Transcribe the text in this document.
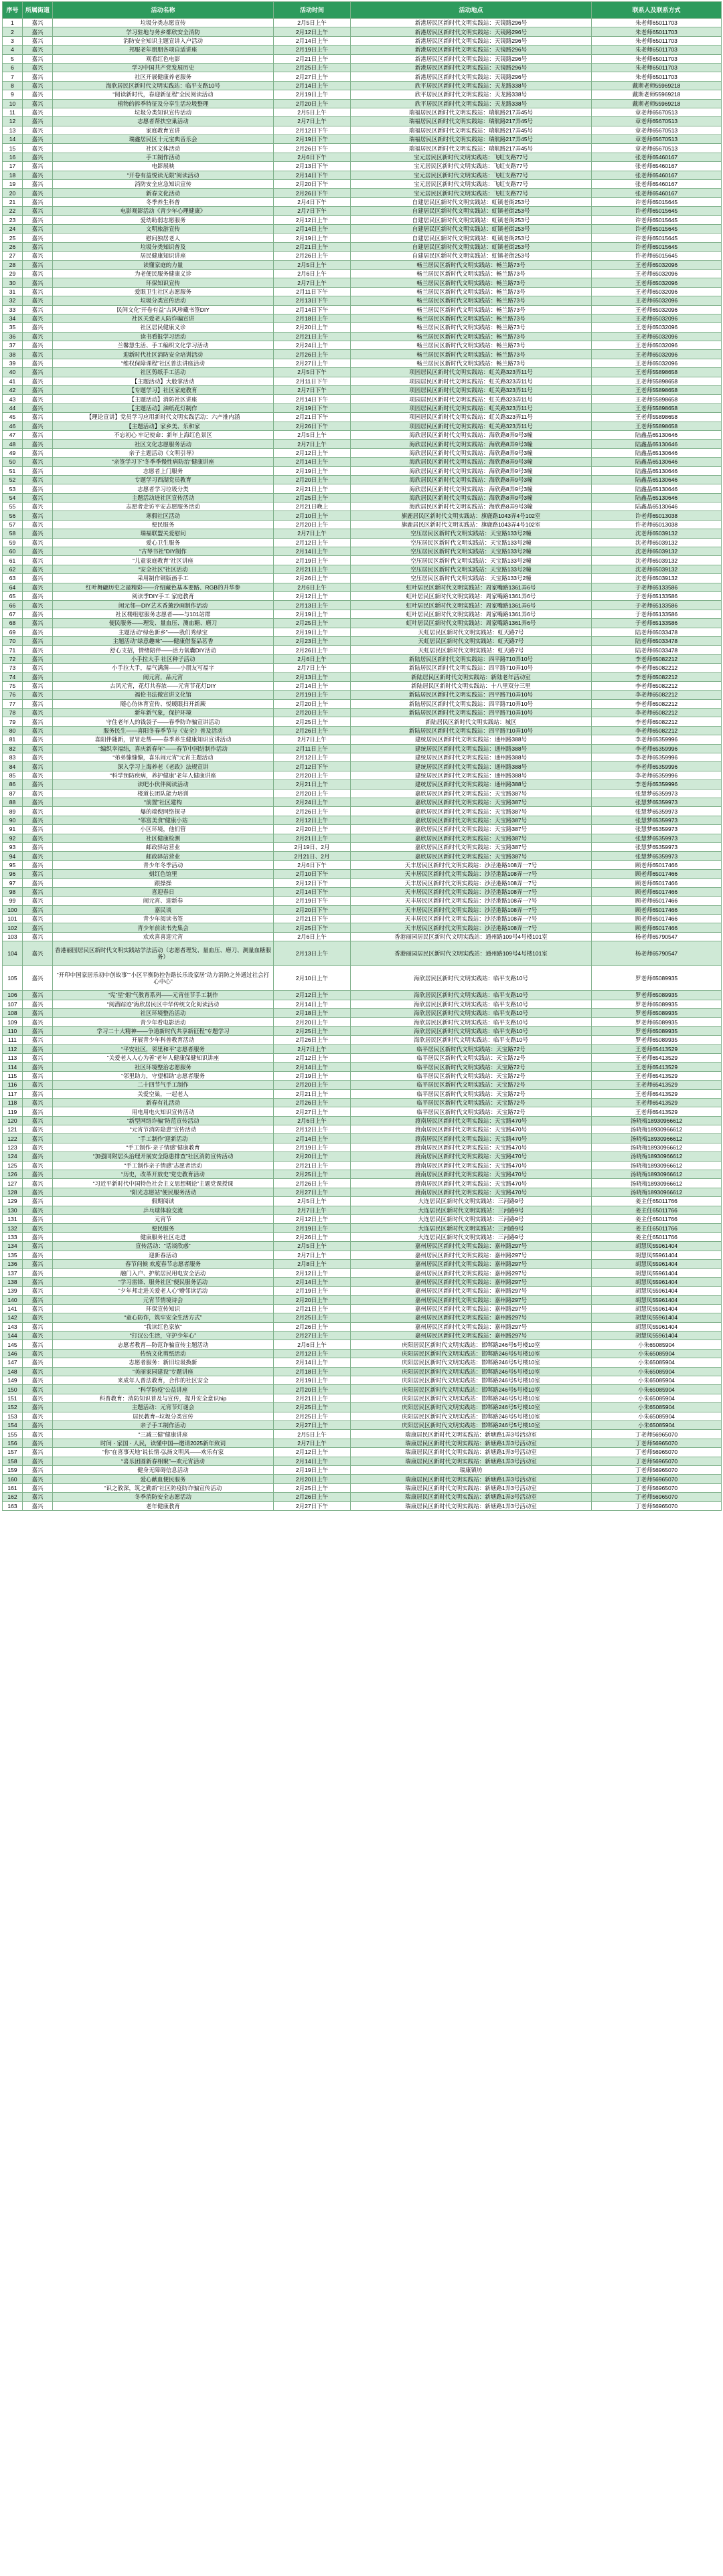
序号	所属街道	活动名称	活动时间	活动地点	联系人及联系方式
1	嘉兴	垃圾分类志愿宣传	2月5日上午	新港居民区新时代文明实践站：天镜路296号	朱老师65011703
2	嘉兴	学习驻地与务乡都欣安全消防	2月12日上午	新港居民区新时代文明实践站：天镜路296号	朱老师65011703
3	嘉兴	消防安全知识主题宣讲入户活动	2月14日上午	新港居民区新时代文明实践站：天镜路296号	朱老师65011703
4	嘉兴	邦服老年朋朋各项自适讲座	2月19日上午	新港居民区新时代文明实践站：天镜路296号	朱老师65011703
5	嘉兴	观看红色电影	2月21日上午	新港居民区新时代文明实践站：天镜路296号	朱老师65011703
6	嘉兴	学习中国共产党发展历史	2月25日上午	新港居民区新时代文明实践站：天镜路296号	朱老师65011703
7	嘉兴	社区开展健康养老服务	2月27日上午	新港居民区新时代文明实践站：天镜路296号	朱老师65011703
8	嘉兴	海欣居民区新时代文明实践站：临平支路10号	2月14日上午	欣平居民区新时代文明实践站：天龙路338号	戴斯老师55969218
9	嘉兴	“阅读新时代，春迎新征程”全民阅读活动	2月19日上午	欣平居民区新时代文明实践站：天龙路338号	戴斯老师55969218
10	嘉兴	植物的拆季特征及分享生活垃圾整理	2月20日上午	欣平居民区新时代文明实践站：天龙路338号	戴斯老师55969218
11	嘉兴	垃圾分类知识宣传活动	2月5日上午	瑞福居民区新时代文明实践站：瑞航路217弄45号	章老师65670513
12	嘉兴	志愿者帮扶空巢活动	2月7日上午	瑞福居民区新时代文明实践站：瑞航路217弄45号	章老师65670513
13	嘉兴	家庭教育宣讲	2月12日下午	瑞福居民区新时代文明实践站：瑞航路217弄45号	章老师65670513
14	嘉兴	瑞鑫居民区十元宝典音乐会	2月19日下午	瑞福居民区新时代文明实践站：瑞航路217弄45号	章老师65670513
15	嘉兴	社区文体活动	2月26日下午	瑞福居民区新时代文明实践站：瑞航路217弄45号	章老师65670513
16	嘉兴	手工制作活动	2月6日下午	宝元居民区新时代文明实践站：飞虹支路77号	张老师65460167
17	嘉兴	电影展映	2月13日下午	宝元居民区新时代文明实践站：飞虹支路77号	张老师65460167
18	嘉兴	“开卷有益悦读无限”阅读活动	2月14日下午	宝元居民区新时代文明实践站：飞虹支路77号	张老师65460167
19	嘉兴	消防安全应急知识宣传	2月20日下午	宝元居民区新时代文明实践站：飞虹支路77号	张老师65460167
20	嘉兴	新春文化活动	2月26日下午	宝元居民区新时代文明实践站：飞虹支路77号	张老师65460167
21	嘉兴	冬季养生科普	2月4日下午	自建居民区新时代文明实践站：虹镇老街253号	许老师65015645
22	嘉兴	电影观影活动《青少年心理健康》	2月7日下午	自建居民区新时代文明实践站：虹镇老街253号	许老师65015645
23	嘉兴	爱幼助弱志愿服务	2月12日上午	自建居民区新时代文明实践站：虹镇老街253号	许老师65015645
24	嘉兴	文明旅游宣传	2月14日上午	自建居民区新时代文明实践站：虹镇老街253号	许老师65015645
25	嘉兴	慰问独居老人	2月19日上午	自建居民区新时代文明实践站：虹镇老街253号	许老师65015645
26	嘉兴	垃圾分类知识普及	2月21日上午	自建居民区新时代文明实践站：虹镇老街253号	许老师65015645
27	嘉兴	居民健康知识讲座	2月26日上午	自建居民区新时代文明实践站：虹镇老街253号	许老师65015645
28	嘉兴	读懂家庭的力量	2月5日上午	畅兰居民区新时代文明实践站：畅兰路73号	王老师65032096
29	嘉兴	为老便民服务健康义诊	2月6日上午	畅兰居民区新时代文明实践站：畅兰路73号	王老师65032096
30	嘉兴	环保知识宣传	2月7日上午	畅兰居民区新时代文明实践站：畅兰路73号	王老师65032096
31	嘉兴	爱眼卫生社区志愿服务	2月11日下午	畅兰居民区新时代文明实践站：畅兰路73号	王老师65032096
32	嘉兴	垃圾分类宣传活动	2月13日下午	畅兰居民区新时代文明实践站：畅兰路73号	王老师65032096
33	嘉兴	民间文化“开卷有益”古风珍藏书签DIY	2月14日下午	畅兰居民区新时代文明实践站：畅兰路73号	王老师65032096
34	嘉兴	社区关爱老人防诈骗宣讲	2月18日上午	畅兰居民区新时代文明实践站：畅兰路73号	王老师65032096
35	嘉兴	社区居民健康义诊	2月20日上午	畅兰居民区新时代文明实践站：畅兰路73号	王老师65032096
36	嘉兴	读书看报学习活动	2月21日上午	畅兰居民区新时代文明实践站：畅兰路73号	王老师65032096
37	嘉兴	兰馨慧生活、手工编织文化学习活动	2月24日上午	畅兰居民区新时代文明实践站：畅兰路73号	王老师65032096
38	嘉兴	迎新时代社区消防安全培训活动	2月26日上午	畅兰居民区新时代文明实践站：畅兰路73号	王老师65032096
39	嘉兴	“维权保障课程”社区普法讲座活动	2月27日上午	畅兰居民区新时代文明实践站：畅兰路73号	王老师65032096
40	嘉兴	社区剪纸手工活动	2月5日下午	项园居民区新时代文明实践站：虹关路323弄11号	王老师55898658
41	嘉兴	【主题活动】大般掌活动	2月11日下午	项园居民区新时代文明实践站：虹关路323弄11号	王老师55898658
42	嘉兴	【专题学习】社区家庭教育	2月7日下午	项园居民区新时代文明实践站：虹关路323弄11号	王老师55898658
43	嘉兴	【主题活动】消防社区讲座	2月14日下午	项园居民区新时代文明实践站：虹关路323弄11号	王老师55898658
44	嘉兴	【主题活动】油纸花灯制作	2月19日下午	项园居民区新时代文明实践站：虹关路323弄11号	王老师55898658
45	嘉兴	【理论宣讲】党员学习应用新时代文明实践活动：六产推内涵	2月21日下午	项园居民区新时代文明实践站：虹关路323弄11号	王老师55898658
46	嘉兴	【主题活动】家乡美、乐和家	2月26日下午	项园居民区新时代文明实践站：虹关路323弄11号	王老师55898658
47	嘉兴	不忘初心 牢记使命：新年上海红色景区	2月5日上午	海欣居民区新时代文明实践站：海欣路8弄9号3幢	陆鑫晶65130646
48	嘉兴	社区文化志愿服务活动	2月7日上午	海欣居民区新时代文明实践站：海欣路8弄9号3幢	陆鑫晶65130646
49	嘉兴	亲子主题活动《文明引导》	2月12日上午	海欣居民区新时代文明实践站：海欣路8弄9号3幢	陆鑫晶65130646
50	嘉兴	“亲签学习下“冬季季慢性病防治”健康讲座	2月14日上午	海欣居民区新时代文明实践站：海欣路8弄9号3幢	陆鑫晶65130646
51	嘉兴	志愿者上门服务	2月19日上午	海欣居民区新时代文明实践站：海欣路8弄9号3幢	陆鑫晶65130646
52	嘉兴	专题学习西湖党员教育	2月20日上午	海欣居民区新时代文明实践站：海欣路8弄9号3幢	陆鑫晶65130646
53	嘉兴	志愿者学习垃圾分类	2月21日上午	海欣居民区新时代文明实践站：海欣路8弄9号3幢	陆鑫晶65130646
54	嘉兴	主题活动进社区宣传活动	2月25日上午	海欣居民区新时代文明实践站：海欣路8弄9号3幢	陆鑫晶65130646
55	嘉兴	志愿者走访平安志愿服务活动	2月21日晚上	海欣居民区新时代文明实践站：海欣路8弄9号3幢	陆鑫晶65130646
56	嘉兴	寒假社区活动	2月10日上午	旗鹿居民区新时代文明实践站：旗鹿路1043弄4号102室	许老师65013038
57	嘉兴	便民服务	2月20日上午	旗鹿居民区新时代文明实践站：旗鹿路1043弄4号102室	许老师65013038
58	嘉兴	瑞福联盟关爱慰问	2月7日上午	空压居民区新时代文明实践站：天宝路133号2幢	沈老师65039132
59	嘉兴	爱心卫生服务	2月12日上午	空压居民区新时代文明实践站：天宝路133号2幢	沈老师65039132
60	嘉兴	“古琴书社”DIY制作	2月14日上午	空压居民区新时代文明实践站：天宝路133号2幢	沈老师65039132
61	嘉兴	“儿童家庭教育”社区讲座	2月19日上午	空压居民区新时代文明实践站：天宝路133号2幢	沈老师65039132
62	嘉兴	“安全社区”社区活动	2月21日上午	空压居民区新时代文明实践站：天宝路133号2幢	沈老师65039132
63	嘉兴	采用制作铜版画手工	2月26日上午	空压居民区新时代文明实践站：天宝路133号2幢	沈老师65039132
64	嘉兴	红叶舞翩历史之最精彩——介绍藏色基本要路、RGB的升华参	2月6日上午	虹叶居民区新时代文明实践站：周家嘴路1361弄6号	于老师65133586
65	嘉兴	阅读季DIY手工 家庭教育	2月12日上午	虹叶居民区新时代文明实践站：周家嘴路1361弄6号	于老师65133586
66	嘉兴	闲元邻—DIY艺术香薰沙画制作活动	2月13日上午	虹叶居民区新时代文明实践站：周家嘴路1361弄6号	于老师65133586
67	嘉兴	社区楼组慰服务志愿者——与101站群	2月19日上午	虹叶居民区新时代文明实践站：周家嘴路1361弄6号	于老师65133586
68	嘉兴	便民服务——理发、量血压、测血糖、磨刀	2月25日上午	虹叶居民区新时代文明实践站：周家嘴路1361弄6号	于老师65133586
69	嘉兴	主题活动“绿色新乡”——我们秀绿宝	2月19日上午	天虹居民区新时代文明实践站：虹天路7号	陆老师65033478
70	嘉兴	主题活动“绿意趣味”——健康借鉴品茗香	2月23日上午	天虹居民区新时代文明实践站：虹天路7号	陆老师65033478
71	嘉兴	舒心支招，情绪陪伴——活力氧囊DIY活动	2月26日上午	天虹居民区新时代文明实践站：虹天路7号	陆老师65033478
72	嘉兴	小手拉大手 社区种子活动	2月6日上午	新陆居民区新时代文明实践站：四平路710弄10号	李老师65082212
73	嘉兴	小手拉大手，福气满满——小朋友写福字	2月7日上午	新陆居民区新时代文明实践站：四平路710弄10号	李老师65082212
74	嘉兴	闹元宵，品元宵	2月13日上午	新陆居民区新时代文明实践站：新陆老年活动室	李老师65082212
75	嘉兴	古风元宵，花灯共春浓——元宵节花灯DIY	2月14日上午	新陆居民区新时代文明实践站：十八里双分三里	李老师65082212
76	嘉兴	福伦书法微宣讲文化馆	2月19日上午	新陆居民区新时代文明实践站：四平路710弄10号	李老师65082212
77	嘉兴	随心仿体育宣传、悦暖眼扫开新蕨	2月20日上午	新陆居民区新时代文明实践站：四平路710弄10号	李老师65082212
78	嘉兴	新年新气象，保护环境	2月20日上午	新陆居民区新时代文明实践站：四平路710弄10号	李老师65082212
79	嘉兴	守住老年人的钱袋子——春季防诈骗宣讲活动	2月25日上午	新陆居民区新时代文明实践站：城区	李老师65082212
80	嘉兴	服务民生——喜阳冬春季节与《安全》普及活动	2月26日上午	新陆居民区新时代文明实践站：四平路710弄10号	李老师65082212
81	嘉兴	喜阳伴随新，冒冒走帮——春季养生健康知识宣讲活动	2月7日上午	建统居民区新时代文明实践站：通州路388号	李老师65359996
82	嘉兴	“编织幸福结，喜庆新春年”——春节中国结制作活动	2月11日上午	建统居民区新时代文明实践站：通州路388号	李老师65359996
83	嘉兴	“弟弟慷慷慷，喜乐闹元宵”元宵主题活动	2月12日上午	建统居民区新时代文明实践站：通州路388号	李老师65359996
84	嘉兴	深入学习上海养老《老政》法规宣讲	2月12日下午	建统居民区新时代文明实践站：通州路388号	李老师65359996
85	嘉兴	“科学预防疾病，养护健康”老年人健康讲座	2月20日上午	建统居民区新时代文明实践站：通州路388号	李老师65359996
86	嘉兴	读吧小伙伴阅读活动	2月21日上午	建统居民区新时代文明实践站：通州路388号	李老师65359996
87	嘉兴	楼道长团队能力培训	2月20日上午	嘉欣居民区新时代文明实践站：天宝路387号	张慧梦65359973
88	嘉兴	“前置”社区建构	2月24日上午	嘉欣居民区新时代文明实践站：天宝路387号	张慧梦65359973
89	嘉兴	爆的端倪网络探寻	2月26日上午	嘉欣居民区新时代文明实践站：天宝路387号	张慧梦65359973
90	嘉兴	“邻富美食”健康小站	2月12日上午	嘉欣居民区新时代文明实践站：天宝路387号	张慧梦65359973
91	嘉兴	小区环境，他们管	2月20日上午	嘉欣居民区新时代文明实践站：天宝路387号	张慧梦65359973
92	嘉兴	社区健康检测	2月21日上午	嘉欣居民区新时代文明实践站：天宝路387号	张慧梦65359973
93	嘉兴	邮政驿站营业	2月19日、2月	嘉欣居民区新时代文明实践站：天宝路387号	张慧梦65359973
94	嘉兴	邮政驿站营业	2月21日、2月	嘉欣居民区新时代文明实践站：天宝路387号	张慧梦65359973
95	嘉兴	青少年冬季活动	2月6日下午	天丰居民区新时代文明实践站：沙泾港路108弄一7号	顾老师65017466
96	嘉兴	刻红色馆里	2月10日下午	天丰居民区新时代文明实践站：沙泾港路108弄一7号	顾老师65017466
97	嘉兴	跟操操	2月12日下午	天丰居民区新时代文明实践站：沙泾港路108弄一7号	顾老师65017466
98	嘉兴	喜迎春日	2月14日下午	天丰居民区新时代文明实践站：沙泾港路108弄一7号	顾老师65017466
99	嘉兴	闹元宵、迎新春	2月19日下午	天丰居民区新时代文明实践站：沙泾港路108弄一7号	顾老师65017466
100	嘉兴	嘉民谈	2月20日下午	天丰居民区新时代文明实践站：沙泾港路108弄一7号	顾老师65017466
101	嘉兴	青少年阅读书签	2月21日下午	天丰居民区新时代文明实践站：沙泾港路108弄一7号	顾老师65017466
102	嘉兴	青少年前读书先集会	2月25日下午	天丰居民区新时代文明实践站：沙泾港路108弄一7号	顾老师65017466
103	嘉兴	欢欢喜喜迎元宵	2月6日上午	香港丽园居民区新时代文明实践站：通州路109号4号楼101室	杨老师65790547
104	嘉兴	香港丽园居民区新时代文明实践站学法活动（志愿者理发、量血压、磨刀、测量血糖服务）	2月13日上午	香港丽园居民区新时代文明实践站：通州路109号4号楼101室	杨老师65790547
105	嘉兴	“开印中国家居乐初中创故事”“小区平衡防控告路长乐设家居“动力消防之外通过社会打心中心”	2月10日上午	海欣居民区新时代文明实践站：临平支路10号	罗老师65089935
106	嘉兴	“宪”星“烟”气教育系列——元宵佳节手工制作	2月12日上午	海欣居民区新时代文明实践站：临平支路10号	罗老师65089935
107	嘉兴	“阅潜踪迹”海欣居民区中华传统文化阅读活动	2月14日上午	海欣居民区新时代文明实践站：临平支路10号	罗老师65089935
108	嘉兴	社区环境整治活动	2月18日上午	海欣居民区新时代文明实践站：临平支路10号	罗老师65089935
109	嘉兴	青少年看电影活动	2月20日上午	海欣居民区新时代文明实践站：临平支路10号	罗老师65089935
110	嘉兴	学习二十大精神——争道新时代共享新征程”专题学习	2月25日上午	海欣居民区新时代文明实践站：临平支路10号	罗老师65089935
111	嘉兴	开展青少年科普教育活动	2月26日上午	海欣居民区新时代文明实践站：临平支路10号	罗老师65089935
112	嘉兴	“平安社区，邻里和平”志愿者服务	2月7日上午	临平居民区新时代文明实践站：天宝路72号	王老师65413529
113	嘉兴	“关爱老人人心为善”老年人健康保健知识讲座	2月12日上午	临平居民区新时代文明实践站：天宝路72号	王老师65413529
114	嘉兴	社区环境整治志愿服务	2月14日上午	临平居民区新时代文明实践站：天宝路72号	王老师65413529
115	嘉兴	“邻里助力，守望相助”志愿者服务	2月19日上午	临平居民区新时代文明实践站：天宝路72号	王老师65413529
116	嘉兴	二十四节气手工制作	2月20日上午	临平居民区新时代文明实践站：天宝路72号	王老师65413529
117	嘉兴	关爱空巢，一起老人	2月21日上午	临平居民区新时代文明实践站：天宝路72号	王老师65413529
118	嘉兴	新春有礼活动	2月26日上午	临平居民区新时代文明实践站：天宝路72号	王老师65413529
119	嘉兴	用电用电火知识宣传活动	2月27日上午	临平居民区新时代文明实践站：天宝路72号	王老师65413529
120	嘉兴	“新型网络诈骗”防范宣传活动	2月6日上午	渡南居民区新时代文明实践站：天宝路470号	汤晓梅18930966612
121	嘉兴	“元宵节消防隐患”宣传活动	2月12日上午	渡南居民区新时代文明实践站：天宝路470号	汤晓梅18930966612
122	嘉兴	“手工制作”迎新活动	2月14日上午	渡南居民区新时代文明实践站：天宝路470号	汤晓梅18930966612
123	嘉兴	“手工制作·亲子情感”健康教育	2月19日上午	渡南居民区新时代文明实践站：天宝路470号	汤晓梅18930966612
124	嘉兴	“加强同附居头治理开展安全隐患排查”社区消防宣传活动	2月20日上午	渡南居民区新时代文明实践站：天宝路470号	汤晓梅18930966612
125	嘉兴	“手工制作亲子情感”志愿者活动	2月21日上午	渡南居民区新时代文明实践站：天宝路470号	汤晓梅18930966612
126	嘉兴	“历史，改革开放史”党史教育活动	2月25日上午	渡南居民区新时代文明实践站：天宝路470号	汤晓梅18930966612
127	嘉兴	“习近平新时代中国特色社会主义思想概论”主题党课授课	2月26日上午	渡南居民区新时代文明实践站：天宝路470号	汤晓梅18930966612
128	嘉兴	“阳光志愿站”便民服务活动	2月27日上午	渡南居民区新时代文明实践站：天宝路470号	汤晓梅18930966612
129	嘉兴	假期阅读	2月5日上午	大连居民区新时代文明实践站：三河路9号	姜主任65011766
130	嘉兴	乒乓球体验交流	2月7日上午	大连居民区新时代文明实践站：三河路9号	姜主任65011766
131	嘉兴	元宵节	2月12日上午	大连居民区新时代文明实践站：三河路9号	姜主任65011766
132	嘉兴	便民服务	2月19日上午	大连居民区新时代文明实践站：三河路9号	姜主任65011766
133	嘉兴	健康服务社区走进	2月26日上午	大连居民区新时代文明实践站：三河路9号	姜主任65011766
134	嘉兴	宣传活动：“话谈欣惑”	2月5日上午	嘉州居民区新时代文明实践站：嘉州路297号	胡慧凤55961404
135	嘉兴	迎新春活动	2月7日上午	嘉州居民区新时代文明实践站：嘉州路297号	胡慧凤55961404
136	嘉兴	春节问候 欢度春节志愿者服务	2月8日上午	嘉州居民区新时代文明实践站：嘉州路297号	胡慧凤55961404
137	嘉兴	融门入户、护航居民用电安全活动	2月12日上午	嘉州居民区新时代文明实践站：嘉州路297号	胡慧凤55961404
138	嘉兴	“学习雷锋、服务社区”便民服务活动	2月14日上午	嘉州居民区新时代文明实践站：嘉州路297号	胡慧凤55961404
139	嘉兴	“夕年邦走进关爱老人心”赠邻读活动	2月19日上午	嘉州居民区新时代文明实践站：嘉州路297号	胡慧凤55961404
140	嘉兴	元宵节情境诗会	2月20日上午	嘉州居民区新时代文明实践站：嘉州路297号	胡慧凤55961404
141	嘉兴	环保宣传知识	2月21日上午	嘉州居民区新时代文明实践站：嘉州路297号	胡慧凤55961404
142	嘉兴	“童心防诈，筑牢安全生活方式”	2月25日上午	嘉州居民区新时代文明实践站：嘉州路297号	胡慧凤55961404
143	嘉兴	“我读红色家族”	2月26日上午	嘉州居民区新时代文明实践站：嘉州路297号	胡慧凤55961404
144	嘉兴	“打汉公生活，守护少年心”	2月27日上午	嘉州居民区新时代文明实践站：嘉州路297号	胡慧凤55961404
145	嘉兴	志愿者教育—防范诈骗宣传主题活动	2月6日上午	庆阳居民区新时代文明实践站：邯郸路246号5号楼10室	小朱65085904
146	嘉兴	传统文化剪纸活动	2月12日上午	庆阳居民区新时代文明实践站：邯郸路246号5号楼10室	小朱65085904
147	嘉兴	志愿者服务：新旧垃圾换新	2月14日上午	庆阳居民区新时代文明实践站：邯郸路246号5号楼10室	小朱65085904
148	嘉兴	“美丽家园建设”专题讲座	2月18日上午	庆阳居民区新时代文明实践站：邯郸路246号5号楼10室	小朱65085904
149	嘉兴	来成年人普法教育，合作的社区安全	2月19日上午	庆阳居民区新时代文明实践站：邯郸路246号5号楼10室	小朱65085904
150	嘉兴	“科学防疫”公益讲座	2月20日上午	庆阳居民区新时代文明实践站：邯郸路246号5号楼10室	小朱65085904
151	嘉兴	科普教育：消防知识普及与宣传，提升安全意识hip	2月21日上午	庆阳居民区新时代文明实践站：邯郸路246号5号楼10室	小朱65085904
152	嘉兴	主题活动：元宵节灯谜会	2月25日上午	庆阳居民区新时代文明实践站：邯郸路246号5号楼10室	小朱65085904
153	嘉兴	居民教育--垃圾分类宣传	2月25日上午	庆阳居民区新时代文明实践站：邯郸路246号5号楼10室	小朱65085904
154	嘉兴	亲子手工制作活动	2月27日上午	庆阳居民区新时代文明实践站：邯郸路246号5号楼10室	小朱65085904
155	嘉兴	“三减三健”健康讲座	2月5日上午	瑞康居民区新时代文明实践站：新塘路1弄3号活动室	丁老师56965070
156	嘉兴	时间 · 家国 · 人民，读懂中国—邀请2025新年致词	2月7日上午	瑞康居民区新时代文明实践站：新塘路1弄3号活动室	丁老师56965070
157	嘉兴	“你”在喜事天地“说长情·弘扬文明风——欢乐有家	2月12日上午	瑞康居民区新时代文明实践站：新塘路1弄3号活动室	丁老师56965070
158	嘉兴	“喜乐团圆新春相聚”—欢元宵活动	2月14日上午	瑞康居民区新时代文明实践站：新塘路1弄3号活动室	丁老师56965070
159	嘉兴	健身无障碍信息活动	2月19日上午	瑞康镇坊	丁老师56965070
160	嘉兴	爱心献血便民服务	2月20日上午	瑞康居民区新时代文明实践站：新塘路1弄3号活动室	丁老师56965070
161	嘉兴	“识之教深，筑之勤新”社区防疫防诈骗宣传活动	2月25日上午	瑞康居民区新时代文明实践站：新塘路1弄3号活动室	丁老师56965070
162	嘉兴	冬季消防安全志愿活动	2月26日上午	瑞康居民区新时代文明实践站：新塘路1弄3号活动室	丁老师56965070
163	嘉兴	老年健康教育	2月27日下午	瑞康居民区新时代文明实践站：新塘路1弄3号活动室	丁老师56965070
